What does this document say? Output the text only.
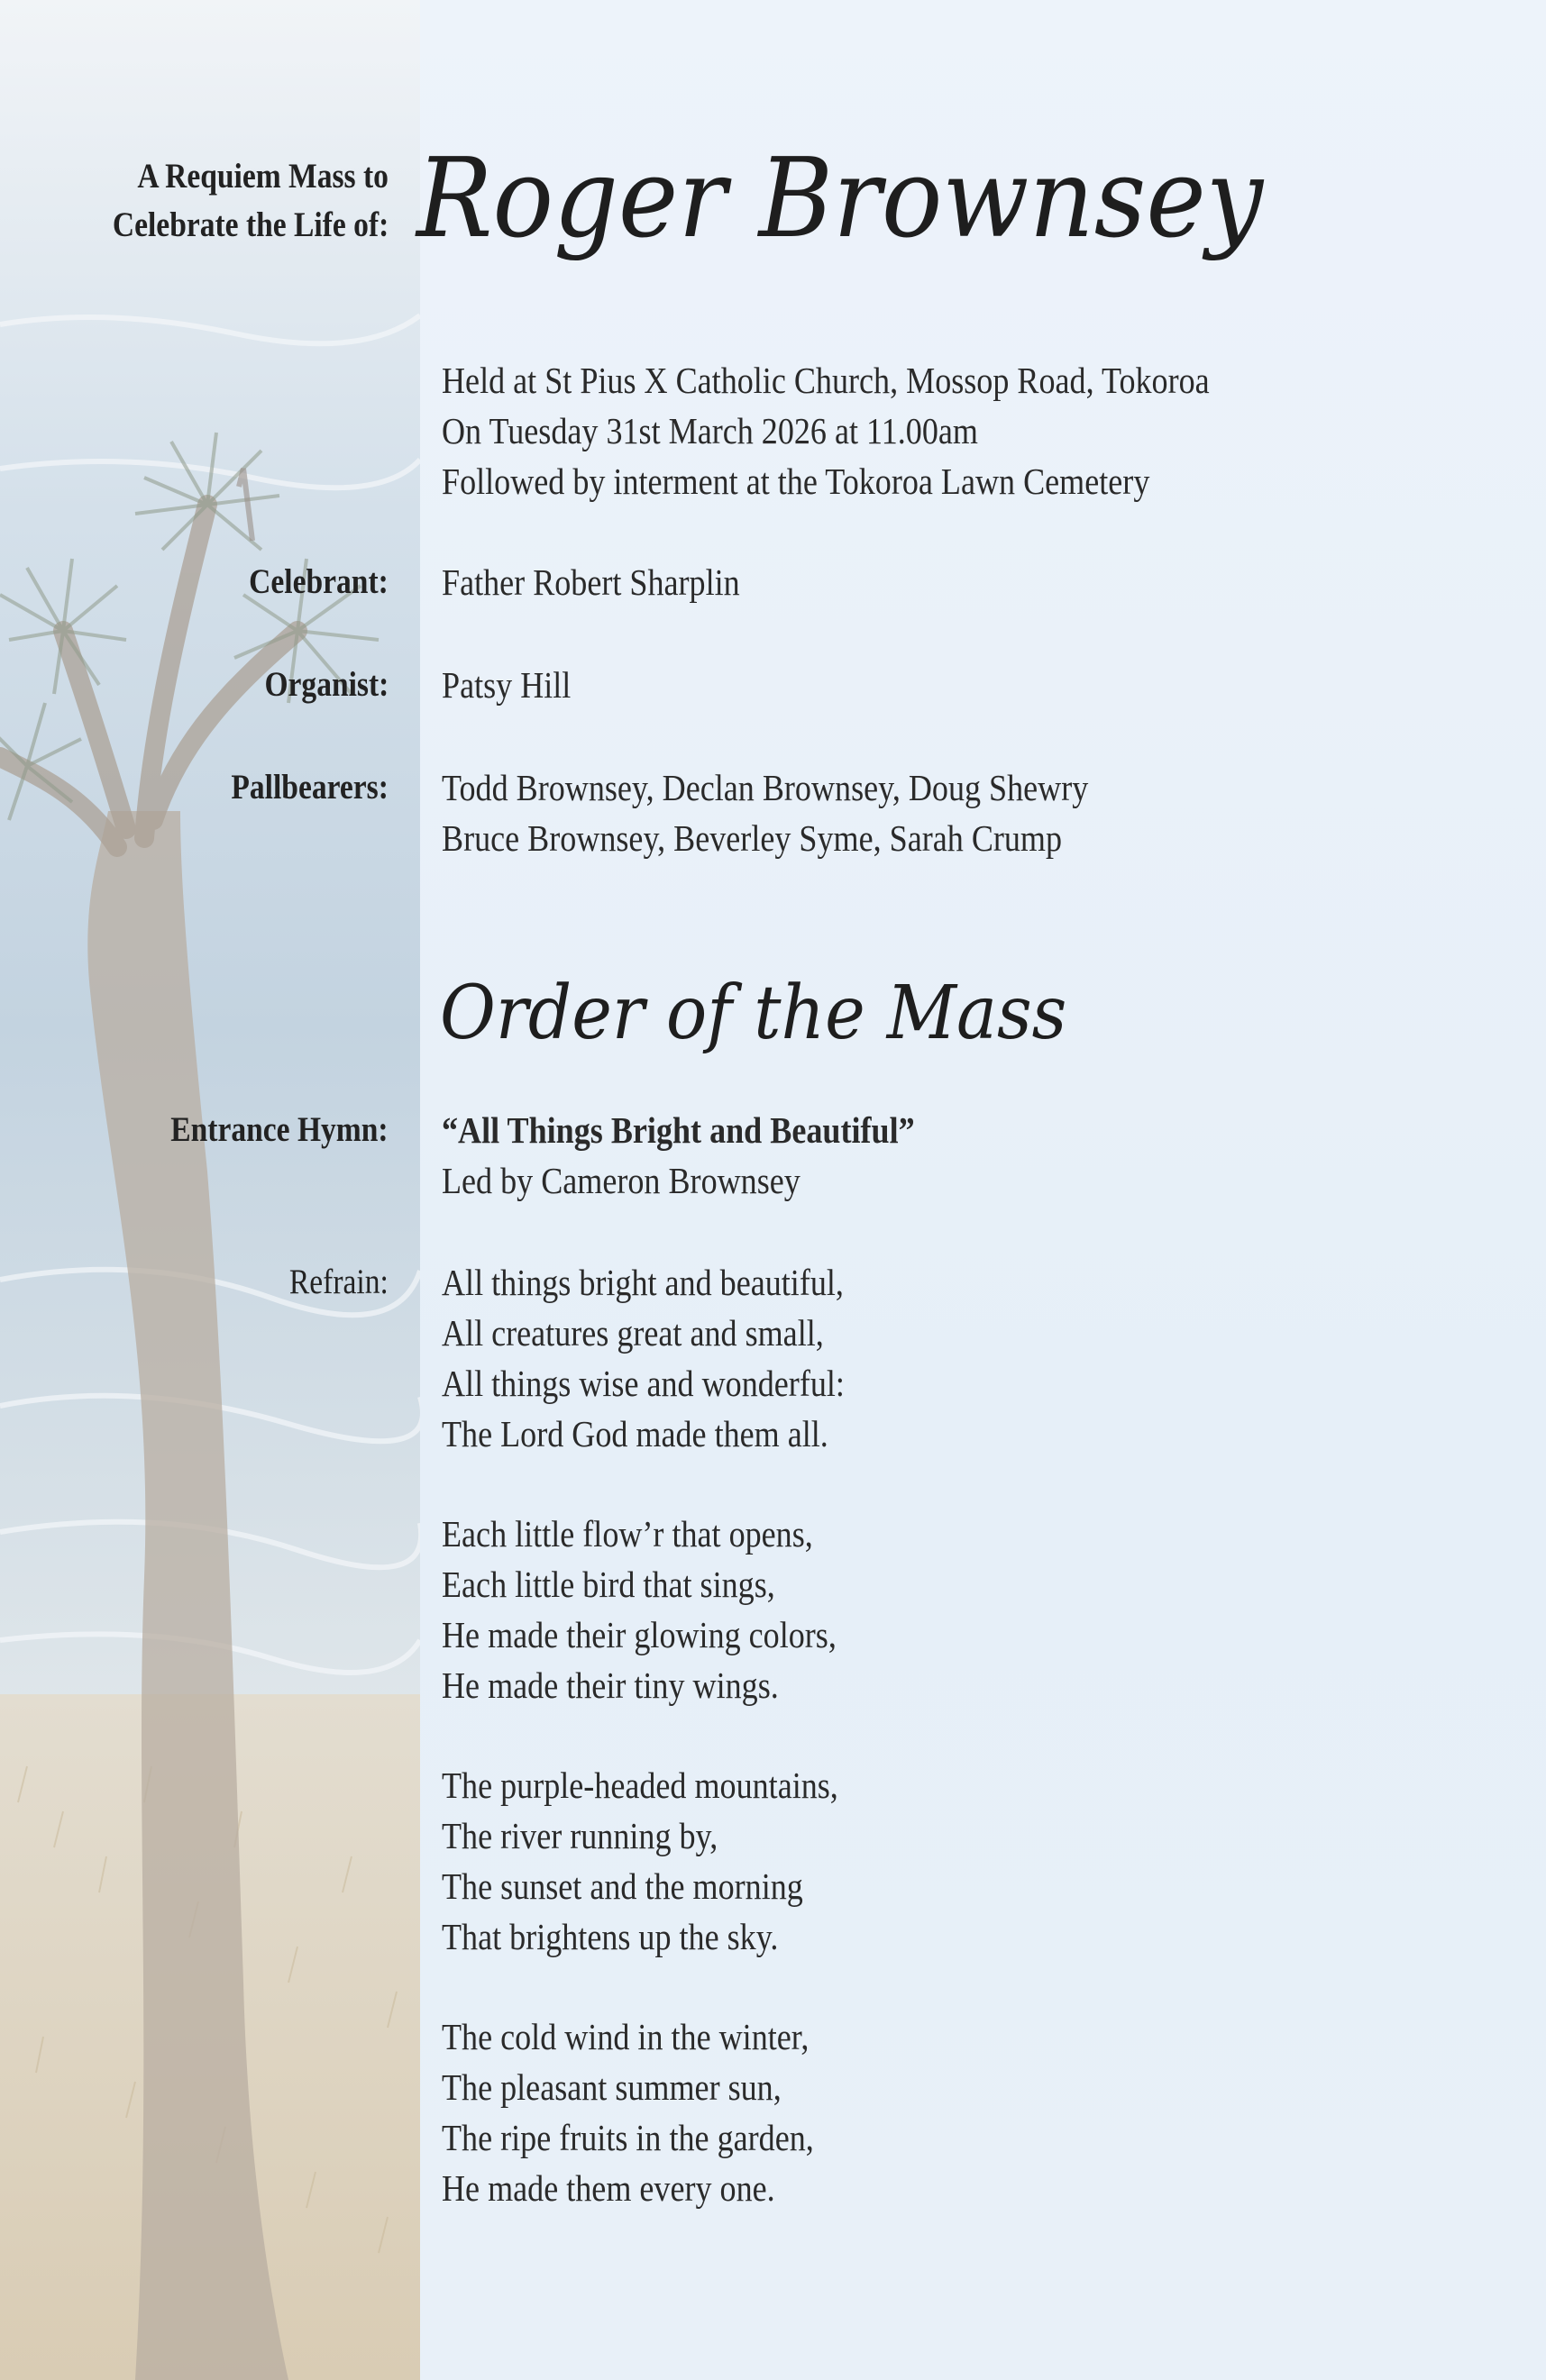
A Requiem Mass to
Celebrate the Life of: Roger Brownsey
Held at St Pius X Catholic Church, Mossop Road, Tokoroa
On Tuesday 31st March 2026 at 11.00am
Followed by interment at the Tokoroa Lawn Cemetery
Celebrant: Father Robert Sharplin
Organist: Patsy Hill
Pallbearers: Todd Brownsey, Declan Brownsey, Doug Shewry
Bruce Brownsey, Beverley Syme, Sarah Crump
Order of the Mass
Entrance Hymn: “All Things Bright and Beautiful”
Led by Cameron Brownsey
Refrain: All things bright and beautiful,
All creatures great and small,
All things wise and wonderful:
The Lord God made them all.
Each little flow’r that opens,
Each little bird that sings,
He made their glowing colors,
He made their tiny wings.
The purple-headed mountains,
The river running by,
The sunset and the morning
That brightens up the sky.
The cold wind in the winter,
The pleasant summer sun,
The ripe fruits in the garden,
He made them every one.
